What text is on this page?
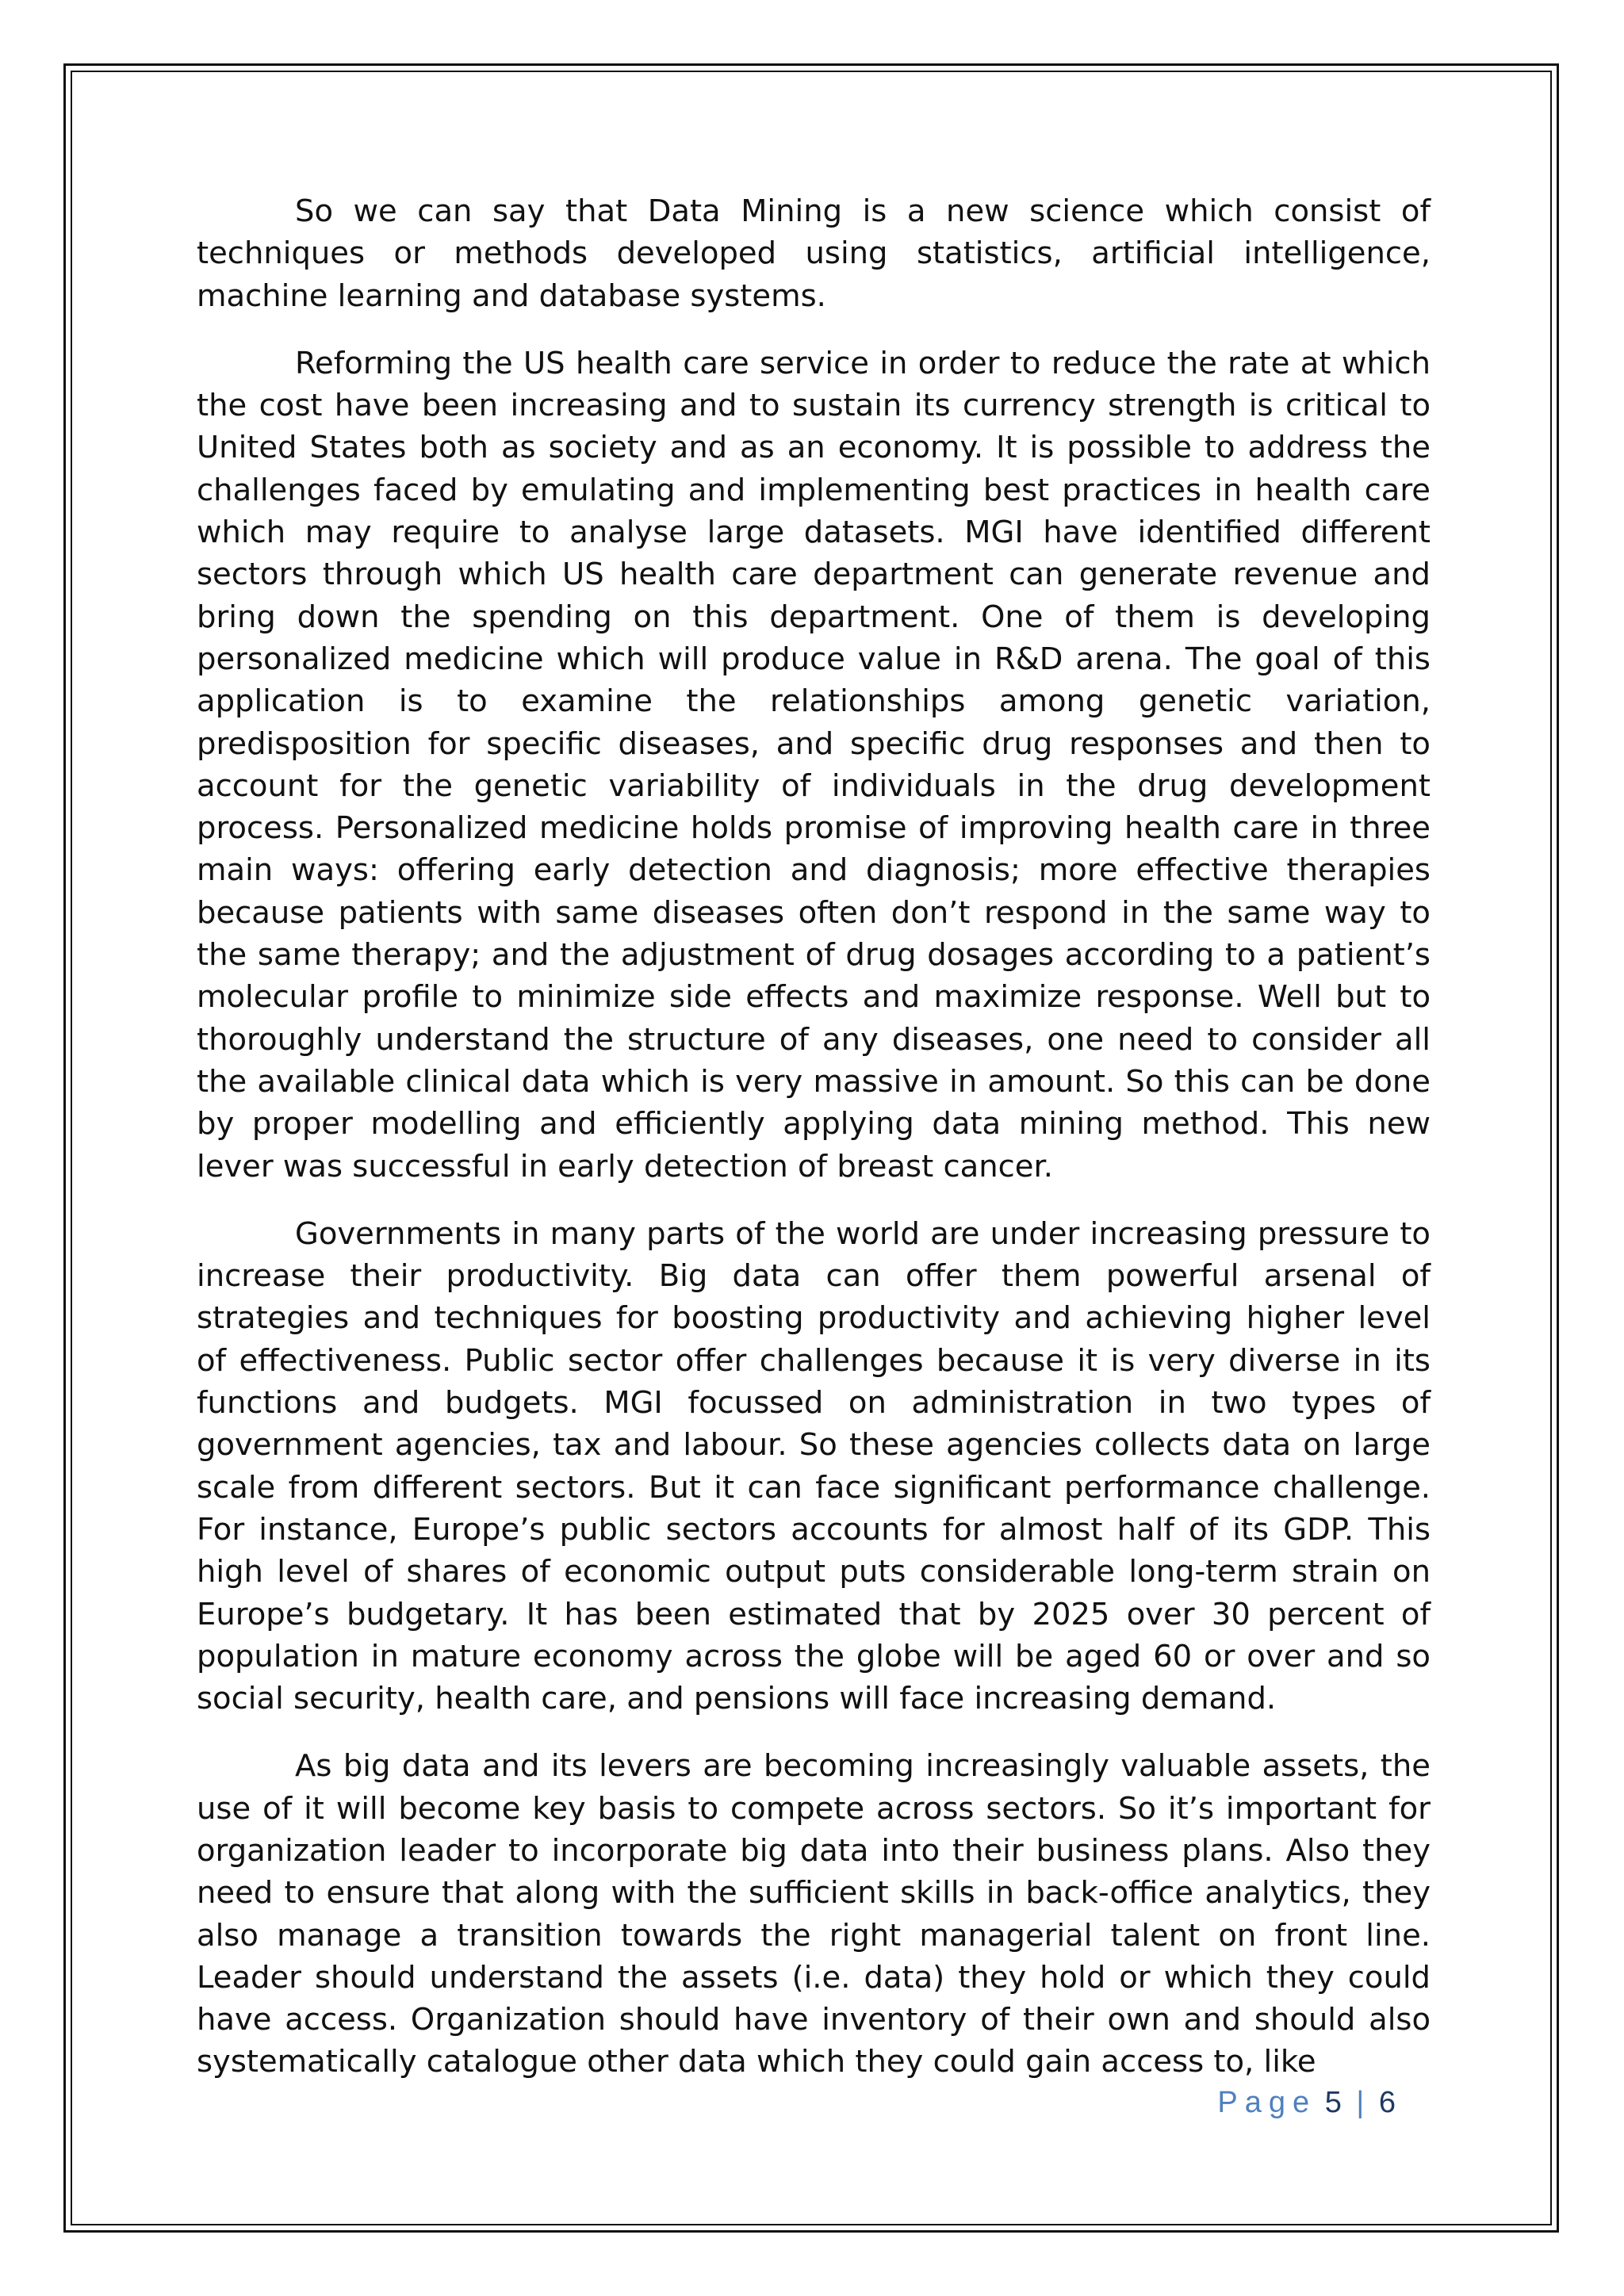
So we can say that Data Mining is a new science which consist of techniques or methods developed using statistics, artificial intelligence, machine learning and database systems.

Reforming the US health care service in order to reduce the rate at which the cost have been increasing and to sustain its currency strength is critical to United States both as society and as an economy. It is possible to address the challenges faced by emulating and implementing best practices in health care which may require to analyse large datasets. MGI have identified different sectors through which US health care department can generate revenue and bring down the spending on this department. One of them is developing personalized medicine which will produce value in R&D arena. The goal of this application is to examine the relationships among genetic variation, predisposition for specific diseases, and specific drug responses and then to account for the genetic variability of individuals in the drug development process. Personalized medicine holds promise of improving health care in three main ways: offering early detection and diagnosis; more effective therapies because patients with same diseases often don’t respond in the same way to the same therapy; and the adjustment of drug dosages according to a patient’s molecular profile to minimize side effects and maximize response. Well but to thoroughly understand the structure of any diseases, one need to consider all the available clinical data which is very massive in amount. So this can be done by proper modelling and efficiently applying data mining method. This new lever was successful in early detection of breast cancer.

Governments in many parts of the world are under increasing pressure to increase their productivity. Big data can offer them powerful arsenal of strategies and techniques for boosting productivity and achieving higher level of effectiveness. Public sector offer challenges because it is very diverse in its functions and budgets. MGI focussed on administration in two types of government agencies, tax and labour. So these agencies collects data on large scale from different sectors. But it can face significant performance challenge. For instance, Europe’s public sectors accounts for almost half of its GDP. This high level of shares of economic output puts considerable long-term strain on Europe’s budgetary. It has been estimated that by 2025 over 30 percent of population in mature economy across the globe will be aged 60 or over and so social security, health care, and pensions will face increasing demand.

As big data and its levers are becoming increasingly valuable assets, the use of it will become key basis to compete across sectors. So it’s important for organization leader to incorporate big data into their business plans. Also they need to ensure that along with the sufficient skills in back-office analytics, they also manage a transition towards the right managerial talent on front line. Leader should understand the assets (i.e. data) they hold or which they could have access. Organization should have inventory of their own and should also systematically catalogue other data which they could gain access to, like

Page 5 | 6
